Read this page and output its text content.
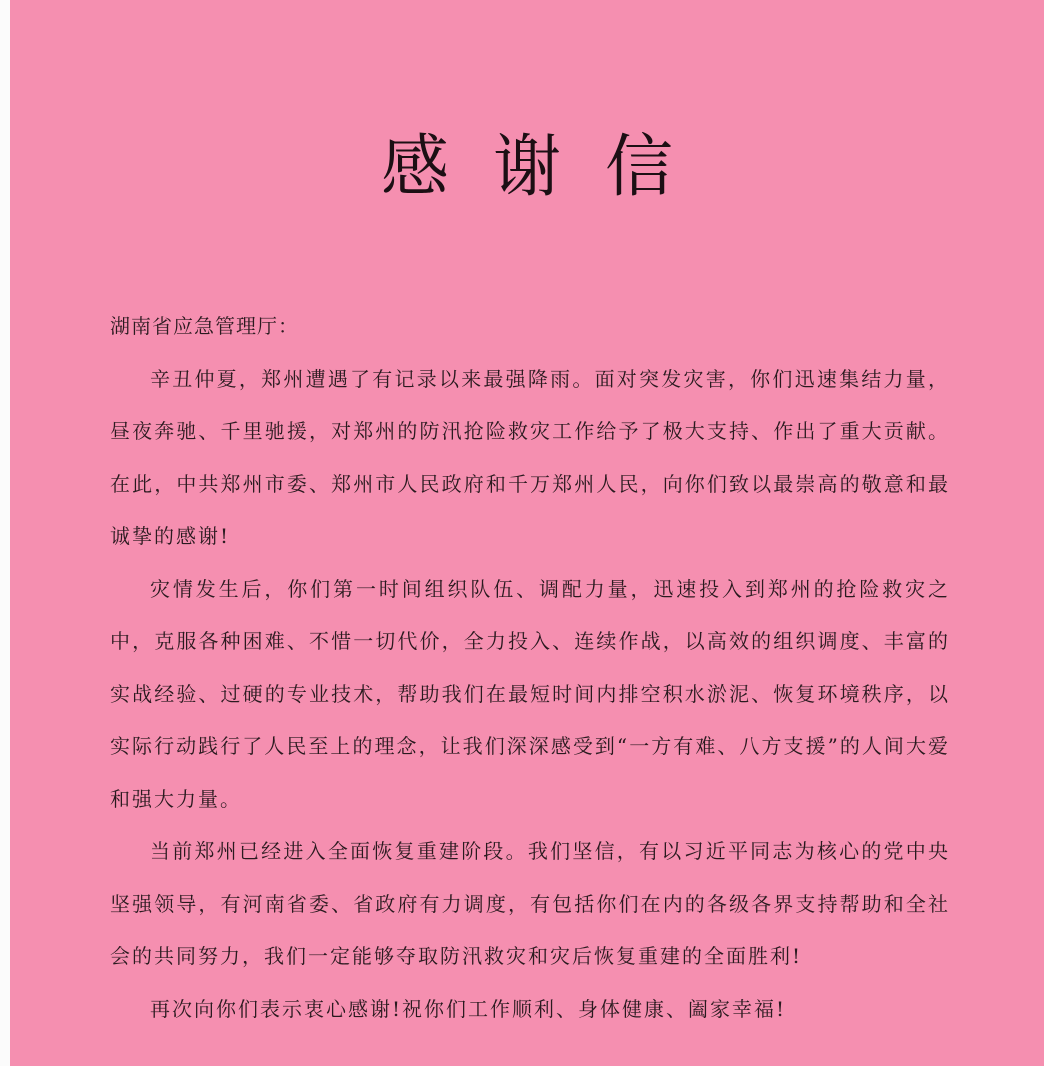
感谢信

湖南省应急管理厅：

辛丑仲夏，郑州遭遇了有记录以来最强降雨。面对突发灾害，你们迅速集结力量，昼夜奔驰、千里驰援，对郑州的防汛抢险救灾工作给予了极大支持、作出了重大贡献。在此，中共郑州市委、郑州市人民政府和千万郑州人民，向你们致以最崇高的敬意和最诚挚的感谢!

灾情发生后，你们第一时间组织队伍、调配力量，迅速投入到郑州的抢险救灾之中，克服各种困难、不惜一切代价，全力投入、连续作战，以高效的组织调度、丰富的实战经验、过硬的专业技术，帮助我们在最短时间内排空积水淤泥、恢复环境秩序，以实际行动践行了人民至上的理念，让我们深深感受到“一方有难、八方支援”的人间大爱和强大力量。

当前郑州已经进入全面恢复重建阶段。我们坚信，有以习近平同志为核心的党中央坚强领导，有河南省委、省政府有力调度，有包括你们在内的各级各界支持帮助和全社会的共同努力，我们一定能够夺取防汛救灾和灾后恢复重建的全面胜利!

再次向你们表示衷心感谢!祝你们工作顺利、身体健康、阖家幸福!
